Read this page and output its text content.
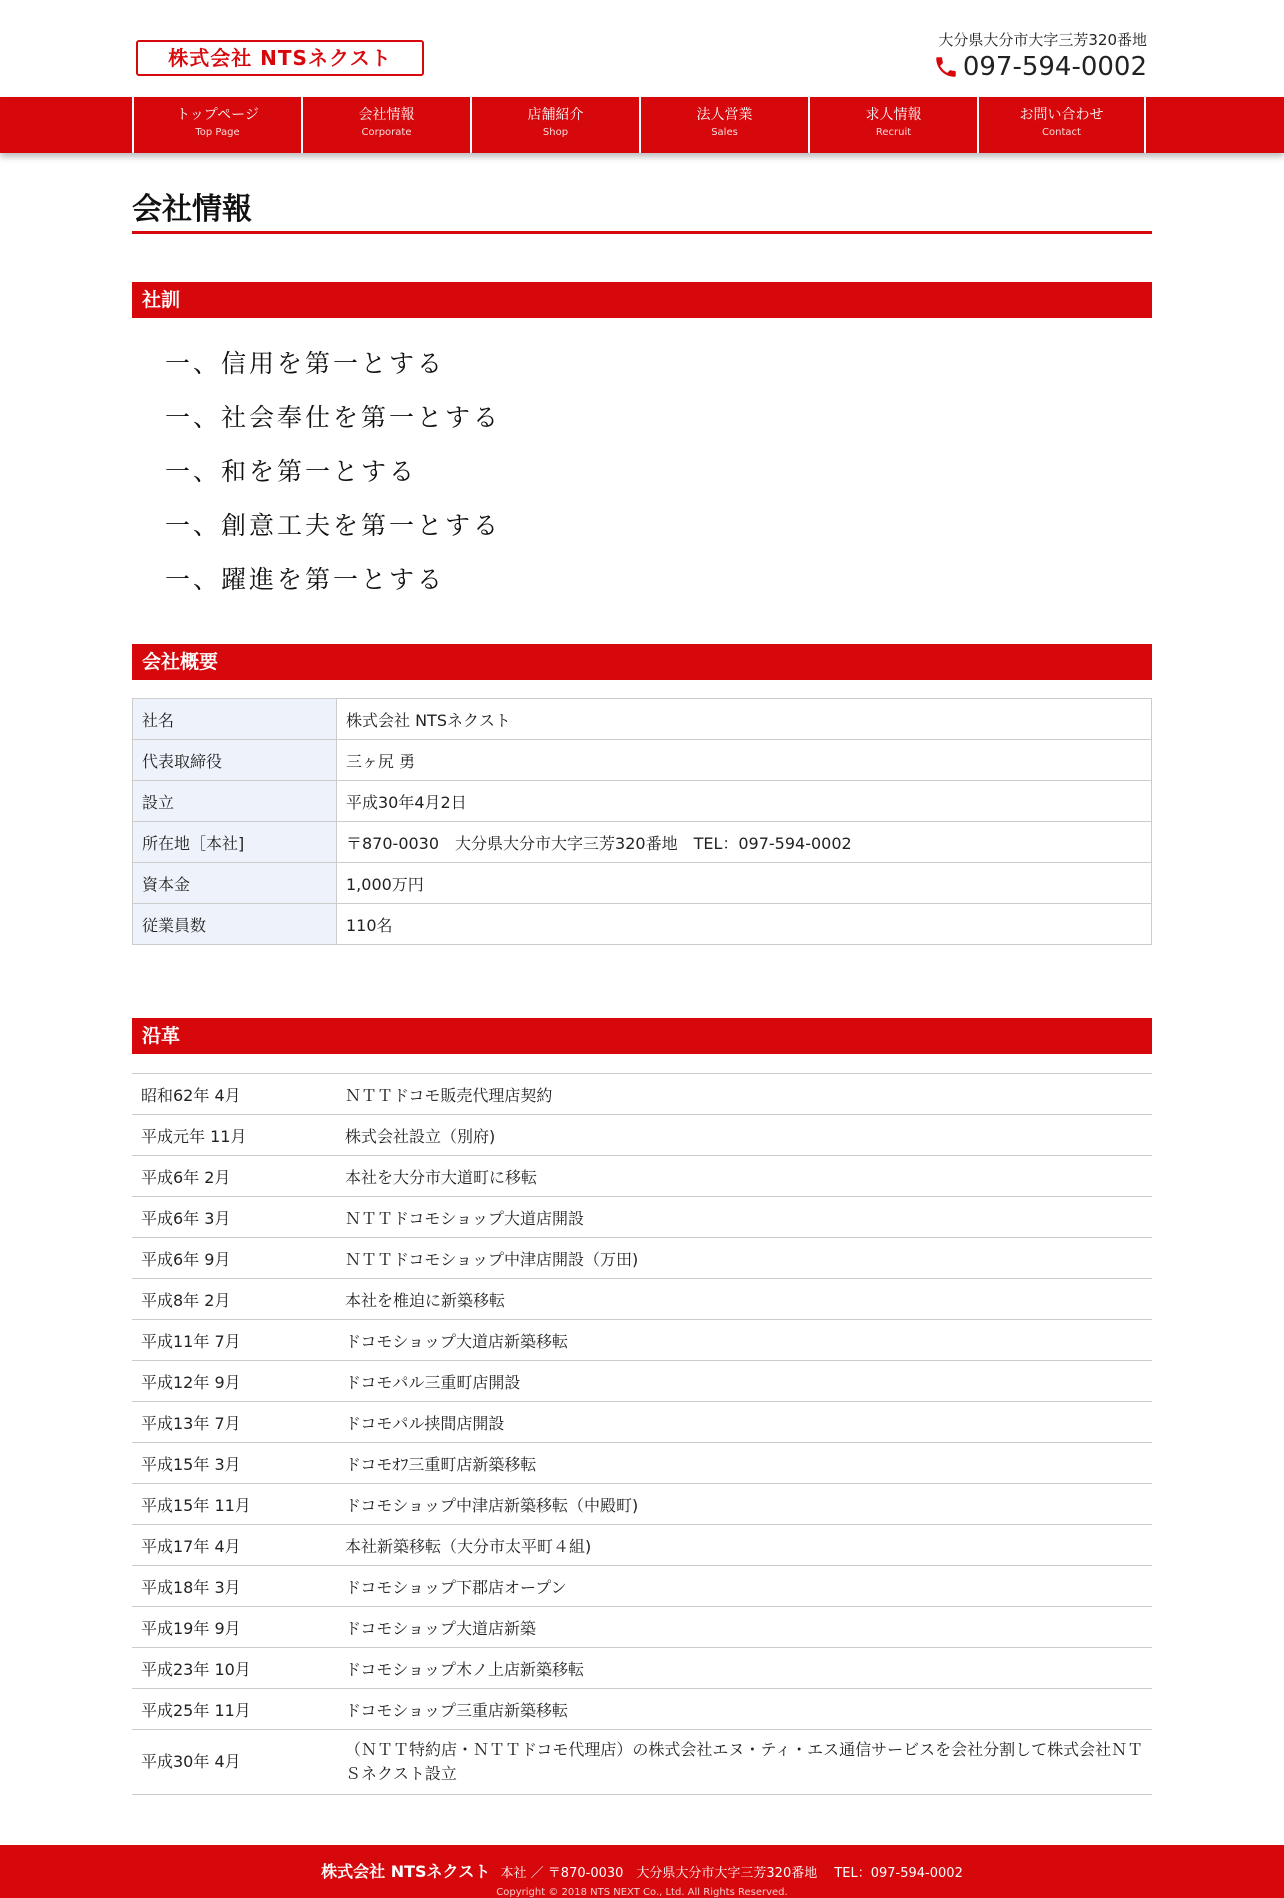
株式会社 NTSネクスト
大分県大分市大字三芳320番地
097-594-0002
トップページ
Top Page
会社情報
Corporate
店舗紹介
Shop
法人営業
Sales
求人情報
Recruit
お問い合わせ
Contact
会社情報
社訓
一、信用を第一とする
一、社会奉仕を第一とする
一、和を第一とする
一、創意工夫を第一とする
一、躍進を第一とする
会社概要
社名	株式会社 NTSネクスト
代表取締役	三ヶ尻 勇
設立	平成30年4月2日
所在地［本社]	〒870-0030　大分県大分市大字三芳320番地　TEL：097-594-0002
資本金	1,000万円
従業員数	110名
沿革
昭和62年 4月	ＮＴＴドコモ販売代理店契約
平成元年 11月	株式会社設立（別府)
平成6年 2月	本社を大分市大道町に移転
平成6年 3月	ＮＴＴドコモショップ大道店開設
平成6年 9月	ＮＴＴドコモショップ中津店開設（万田)
平成8年 2月	本社を椎迫に新築移転
平成11年 7月	ドコモショップ大道店新築移転
平成12年 9月	ドコモパル三重町店開設
平成13年 7月	ドコモパル挟間店開設
平成15年 3月	ドコモｵﾌ三重町店新築移転
平成15年 11月	ドコモショップ中津店新築移転（中殿町)
平成17年 4月	本社新築移転（大分市太平町４組)
平成18年 3月	ドコモショップ下郡店オープン
平成19年 9月	ドコモショップ大道店新築
平成23年 10月	ドコモショップ木ノ上店新築移転
平成25年 11月	ドコモショップ三重店新築移転
平成30年 4月	（ＮＴＴ特約店・ＮＴＴドコモ代理店）の株式会社エヌ・ティ・エス通信サービスを会社分割して株式会社ＮＴＳネクスト設立
株式会社 NTSネクスト 本社 ／ 〒870-0030　大分県大分市大字三芳320番地　 TEL：097-594-0002
Copyright © 2018 NTS NEXT Co., Ltd. All Rights Reserved.
